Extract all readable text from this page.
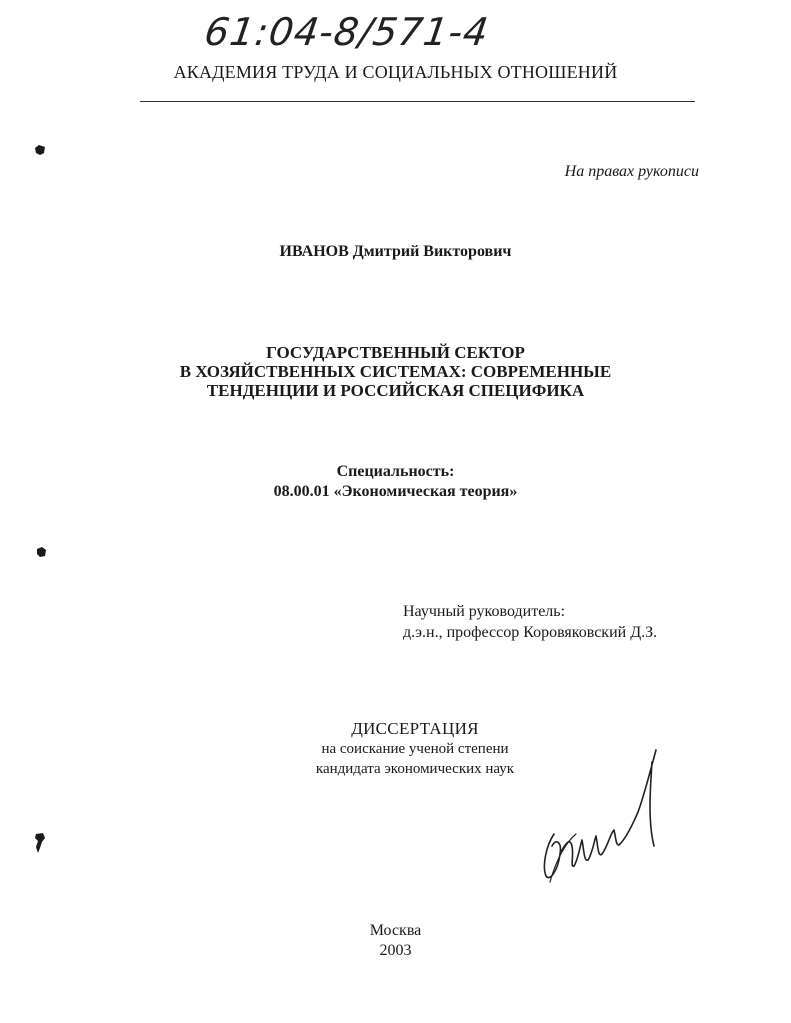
61:04-8/571-4
АКАДЕМИЯ ТРУДА И СОЦИАЛЬНЫХ ОТНОШЕНИЙ
На правах рукописи
ИВАНОВ Дмитрий Викторович
ГОСУДАРСТВЕННЫЙ СЕКТОР
В ХОЗЯЙСТВЕННЫХ СИСТЕМАХ: СОВРЕМЕННЫЕ
ТЕНДЕНЦИИ И РОССИЙСКАЯ СПЕЦИФИКА
Специальность:
08.00.01 «Экономическая теория»
Научный руководитель:
д.э.н., профессор Коровяковский Д.З.
ДИССЕРТАЦИЯ
на соискание ученой степени
кандидата экономических наук
Москва
2003
